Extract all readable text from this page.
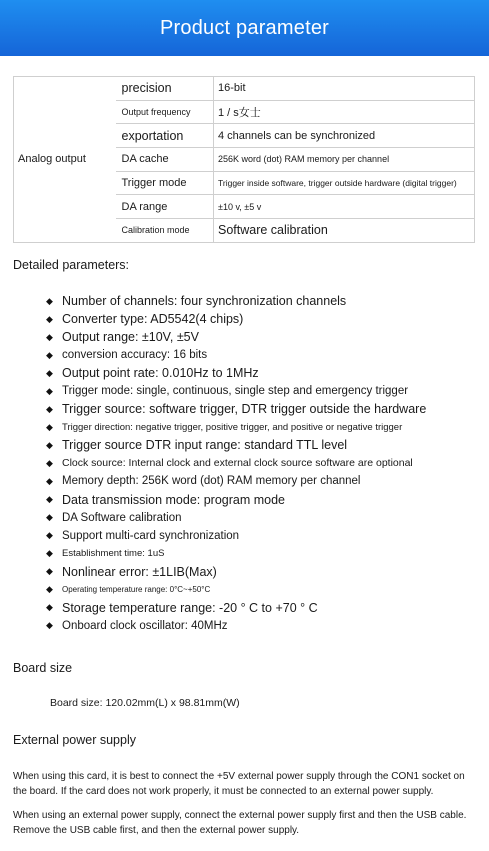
Product parameter
Analog output	precision	16-bit
	Output frequency	1 / s女士
	exportation	4 channels can be synchronized
	DA cache	256K word (dot) RAM memory per channel
	Trigger mode	Trigger inside software, trigger outside hardware (digital trigger)
	DA range	±10 v, ±5 v
	Calibration mode	Software calibration
Detailed parameters:
◆ Number of channels: four synchronization channels
◆ Converter type: AD5542(4 chips)
◆ Output range: ±10V, ±5V
◆ conversion accuracy: 16 bits
◆ Output point rate: 0.010Hz to 1MHz
◆ Trigger mode: single, continuous, single step and emergency trigger
◆ Trigger source: software trigger, DTR trigger outside the hardware
◆ Trigger direction: negative trigger, positive trigger, and positive or negative trigger
◆ Trigger source DTR input range: standard TTL level
◆ Clock source: Internal clock and external clock source software are optional
◆ Memory depth: 256K word (dot) RAM memory per channel
◆ Data transmission mode: program mode
◆ DA Software calibration
◆ Support multi-card synchronization
◆ Establishment time: 1uS
◆ Nonlinear error: ±1LIB(Max)
◆	Operating temperature range: 0°C~+50°C
◆ Storage temperature range: -20 ° C to +70 ° C
◆ Onboard clock oscillator: 40MHz
Board size
Board size: 120.02mm(L) x 98.81mm(W)
External power supply

When using this card, it is best to connect the +5V external power supply through the CON1 socket on the board. If the card does not work properly, it must be connected to an external power supply.

When using an external power supply, connect the external power supply first and then the USB cable. Remove the USB cable first, and then the external power supply.
